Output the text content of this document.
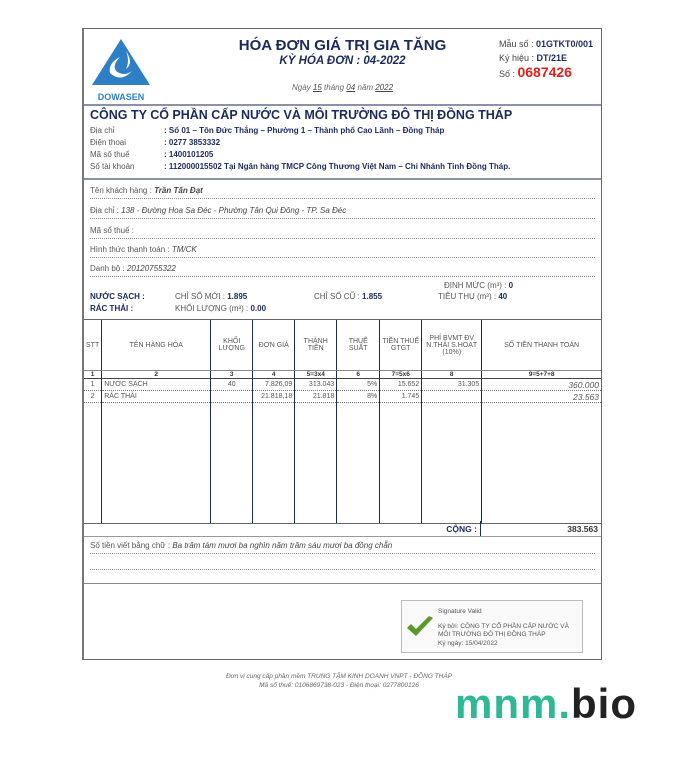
DOWASEN
HÓA ĐƠN GIÁ TRỊ GIA TĂNG
KỲ HÓA ĐƠN : 04-2022
Ngày 15 tháng 04 năm 2022
Mẫu số : 01GTKT0/001
Ký hiệu : DT/21E
Số : 0687426
CÔNG TY CỔ PHẦN CẤP NƯỚC VÀ MÔI TRƯỜNG ĐÔ THỊ ĐỒNG THÁP
Địa chỉ	: Số 01 – Tôn Đức Thắng – Phường 1 – Thành phố Cao Lãnh – Đồng Tháp
Điện thoại	: 0277 3853332
Mã số thuế	: 1400101205
Số tài khoản	: 112000015502 Tại Ngân hàng TMCP Công Thương Việt Nam – Chi Nhánh Tỉnh Đồng Tháp.
Tên khách hàng : Trần Tấn Đạt
Địa chỉ : 138 - Đường Hoa Sa Đéc - Phường Tân Qui Đông - TP. Sa Đéc
Mã số thuế :
Hình thức thanh toán : TM/CK
Danh bộ : 20120755322
ĐỊNH MỨC (m³) : 0
NƯỚC SẠCH :	CHỈ SỐ MỚI : 1.895	CHỈ SỐ CŨ : 1.855	TIÊU THỤ (m³) : 40
RÁC THẢI :	KHỐI LƯỢNG (m³) : 0.00
STT	TÊN HÀNG HÓA	KHỐI LƯỢNG	ĐƠN GIÁ	THÀNH TIỀN	THUẾ SUẤT	TIỀN THUẾ GTGT	PHÍ BVMT ĐV N.THẢI S.HOẠT (10%)	SỐ TIỀN THANH TOÁN
1	2	3	4	5=3x4	6	7=5x6	8	9=5+7+8
1	NƯỚC SẠCH	40	7.826,09	313.043	5%	15.652	31.305	360.000
2	RÁC THẢI		21.818,18	21.818	8%	1.745		23.563

CỘNG :	383.563
Số tiền viết bằng chữ : Ba trăm tám mươi ba nghìn năm trăm sáu mươi ba đồng chẵn
Signature Valid
Ký bởi: CÔNG TY CỔ PHẦN CẤP NƯỚC VÀ MÔI TRƯỜNG ĐÔ THỊ ĐỒNG THÁP
Ký ngày: 15/04/2022
Đơn vị cung cấp phần mềm TRUNG TÂM KINH DOANH VNPT - ĐỒNG THÁP
Mã số thuế: 0106869738-023 - Điện thoại: 0277800126 mnm.bio
